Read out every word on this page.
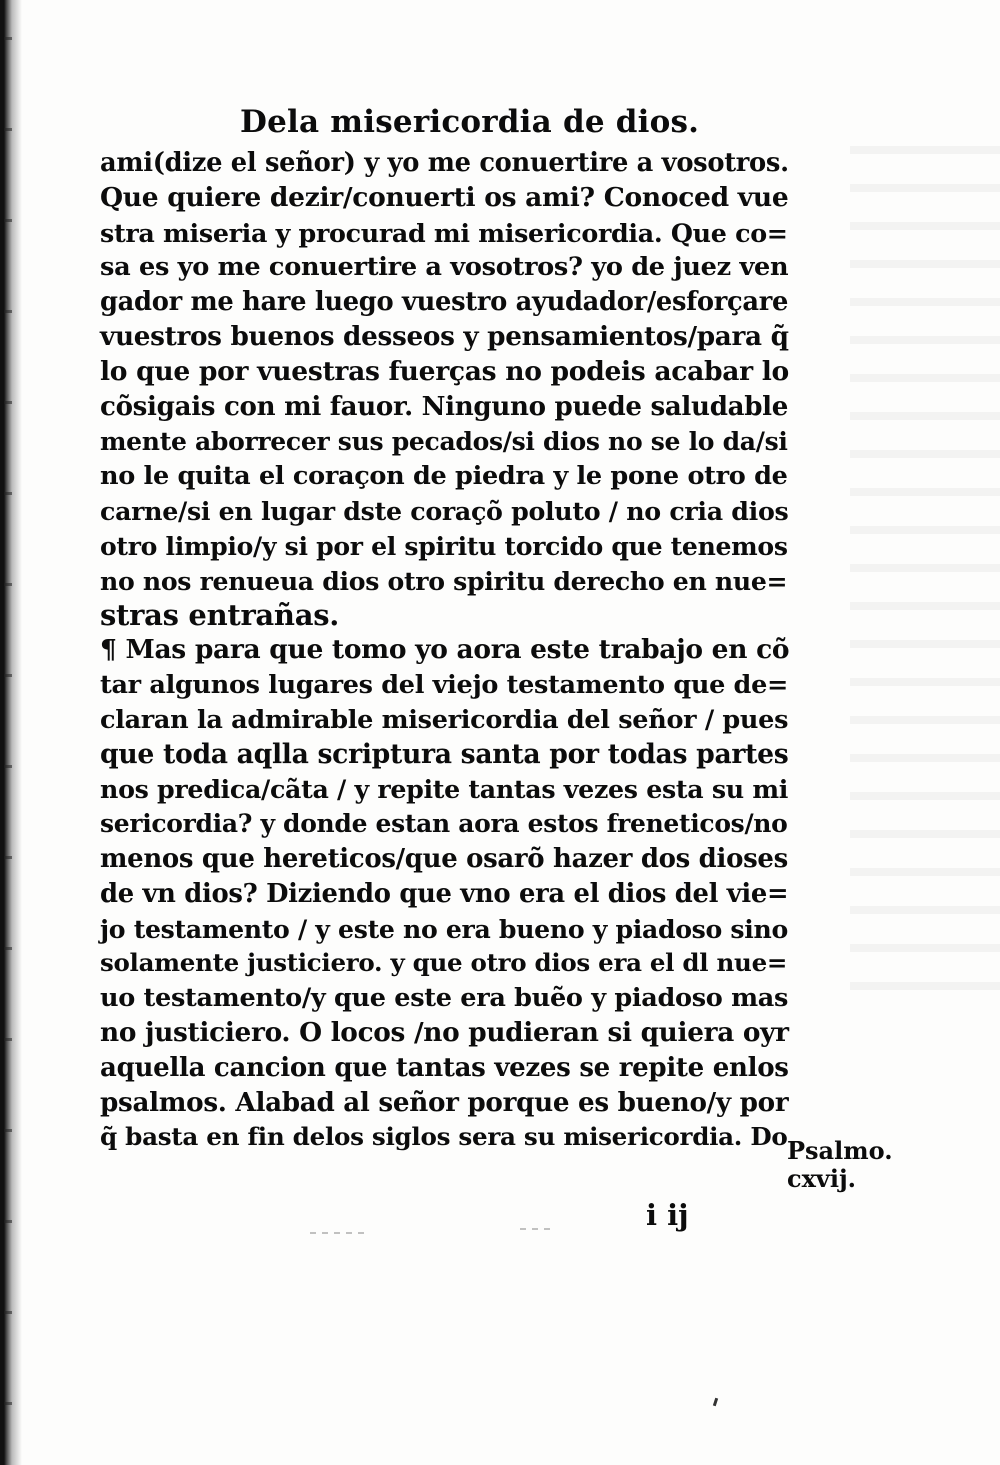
Dela misericordia de dios.
ami(dize el señor) y yo me conuertire a vosotros.
Que quiere dezir/conuerti os ami? Conoced vue
stra miseria y procurad mi misericordia. Que co=
sa es yo me conuertire a vosotros? yo de juez ven
gador me hare luego vuestro ayudador/esforçare
vuestros buenos desseos y pensamientos/para q̃
lo que por vuestras fuerças no podeis acabar lo
cõsigais con mi fauor. Ninguno puede saludable
mente aborrecer sus pecados/si dios no se lo da/si
no le quita el coraçon de piedra y le pone otro de
carne/si en lugar dste coraçõ poluto / no cria dios
otro limpio/y si por el spiritu torcido que tenemos
no nos renueua dios otro spiritu derecho en nue=
stras entrañas.
¶ Mas para que tomo yo aora este trabajo en cõ
tar algunos lugares del viejo testamento que de=
claran la admirable misericordia del señor / pues
que toda aqlla scriptura santa por todas partes
nos predica/cãta / y repite tantas vezes esta su mi
sericordia? y donde estan aora estos freneticos/no
menos que hereticos/que osarõ hazer dos dioses
de vn dios? Diziendo que vno era el dios del vie=
jo testamento / y este no era bueno y piadoso sino
solamente justiciero. y que otro dios era el dl nue=
uo testamento/y que este era buẽo y piadoso mas
no justiciero. O locos /no pudieran si quiera oyr
aquella cancion que tantas vezes se repite enlos
psalmos. Alabad al señor porque es bueno/y por
q̃ basta en fin delos siglos sera su misericordia. Do Psalmo.
cxvij.
i ij
